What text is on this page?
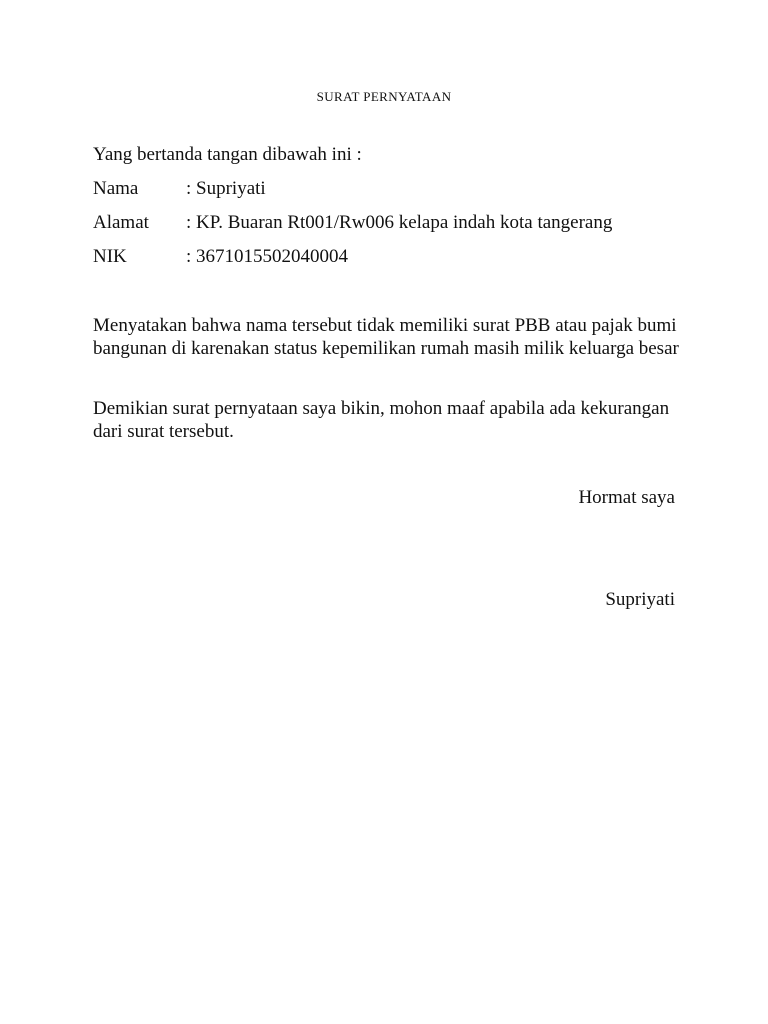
SURAT PERNYATAAN

Yang bertanda tangan dibawah ini :

Nama	: Supriyati
Alamat : KP. Buaran Rt001/Rw006 kelapa indah kota tangerang
NIK	: 3671015502040004

Menyatakan bahwa nama tersebut tidak memiliki surat PBB atau pajak bumi bangunan di karenakan status kepemilikan rumah masih milik keluarga besar

Demikian surat pernyataan saya bikin, mohon maaf apabila ada kekurangan dari surat tersebut.

Hormat saya
Supriyati
